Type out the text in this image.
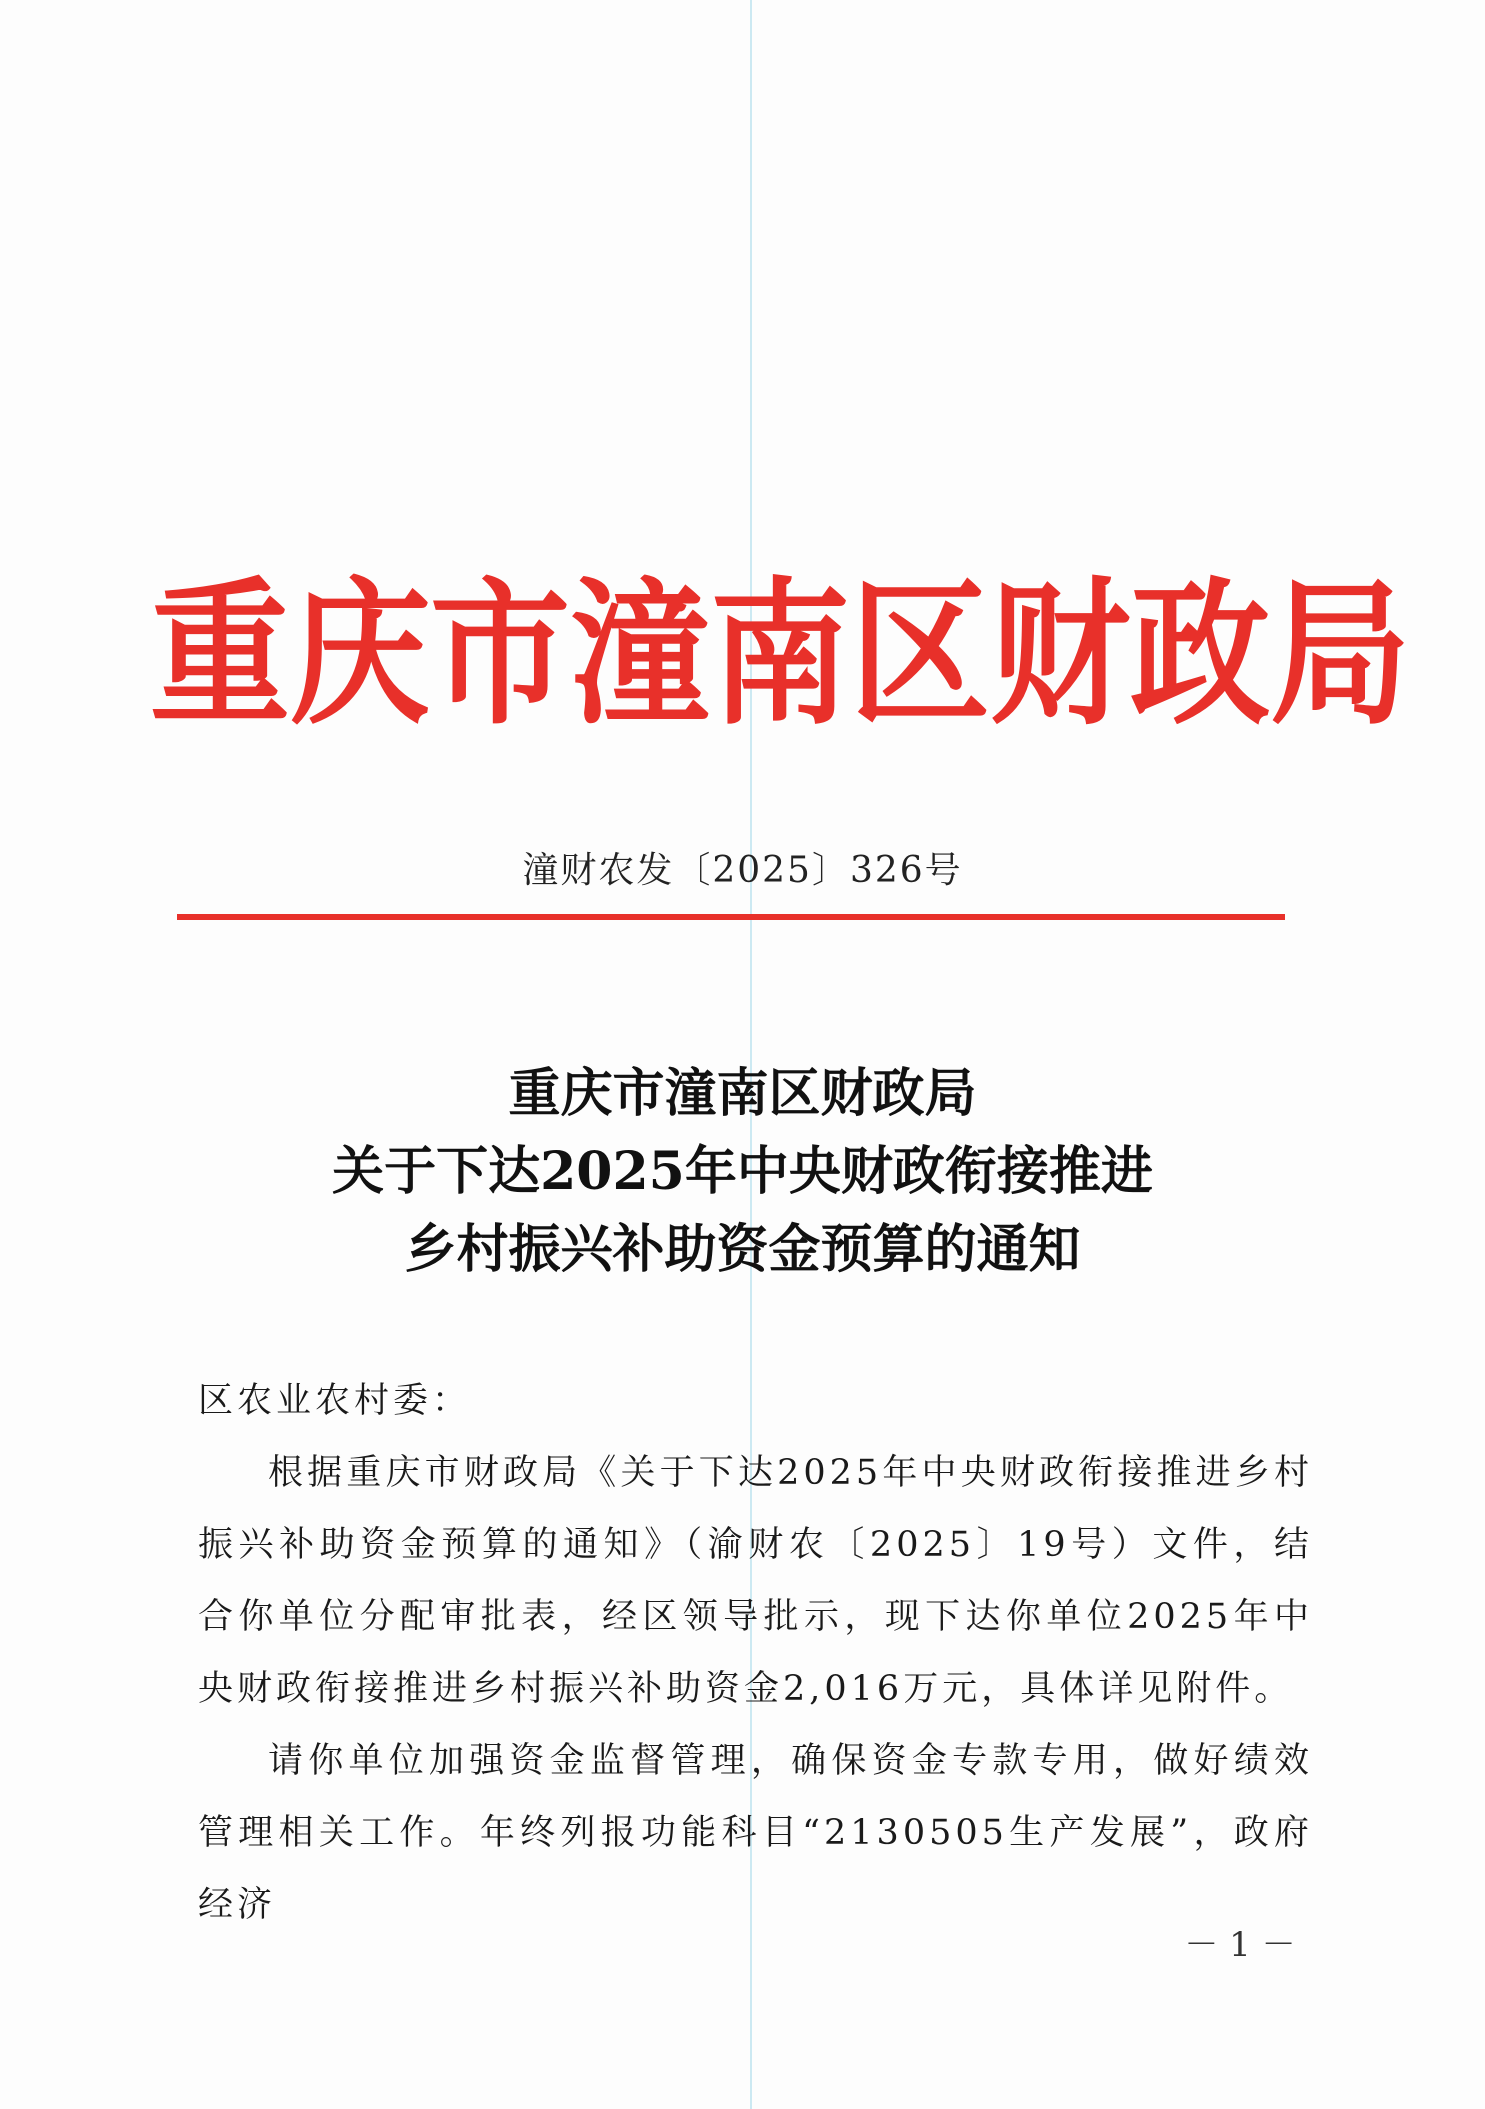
重 庆 市 潼 南 区 财 政 局
潼财农发〔2025〕326号
重庆市潼南区财政局
关于下达2025年中央财政衔接推进
乡村振兴补助资金预算的通知

区农业农村委：

根据重庆市财政局《关于下达2025年中央财政衔接推进乡村振兴补助资金预算的通知》（渝财农〔2025〕19号）文件，结合你单位分配审批表，经区领导批示，现下达你单位2025年中央财政衔接推进乡村振兴补助资金2,016万元，具体详见附件。

请你单位加强资金监督管理，确保资金专款专用，做好绩效管理相关工作。年终列报功能科目“2130505生产发展”，政府经济

－ 1 －
